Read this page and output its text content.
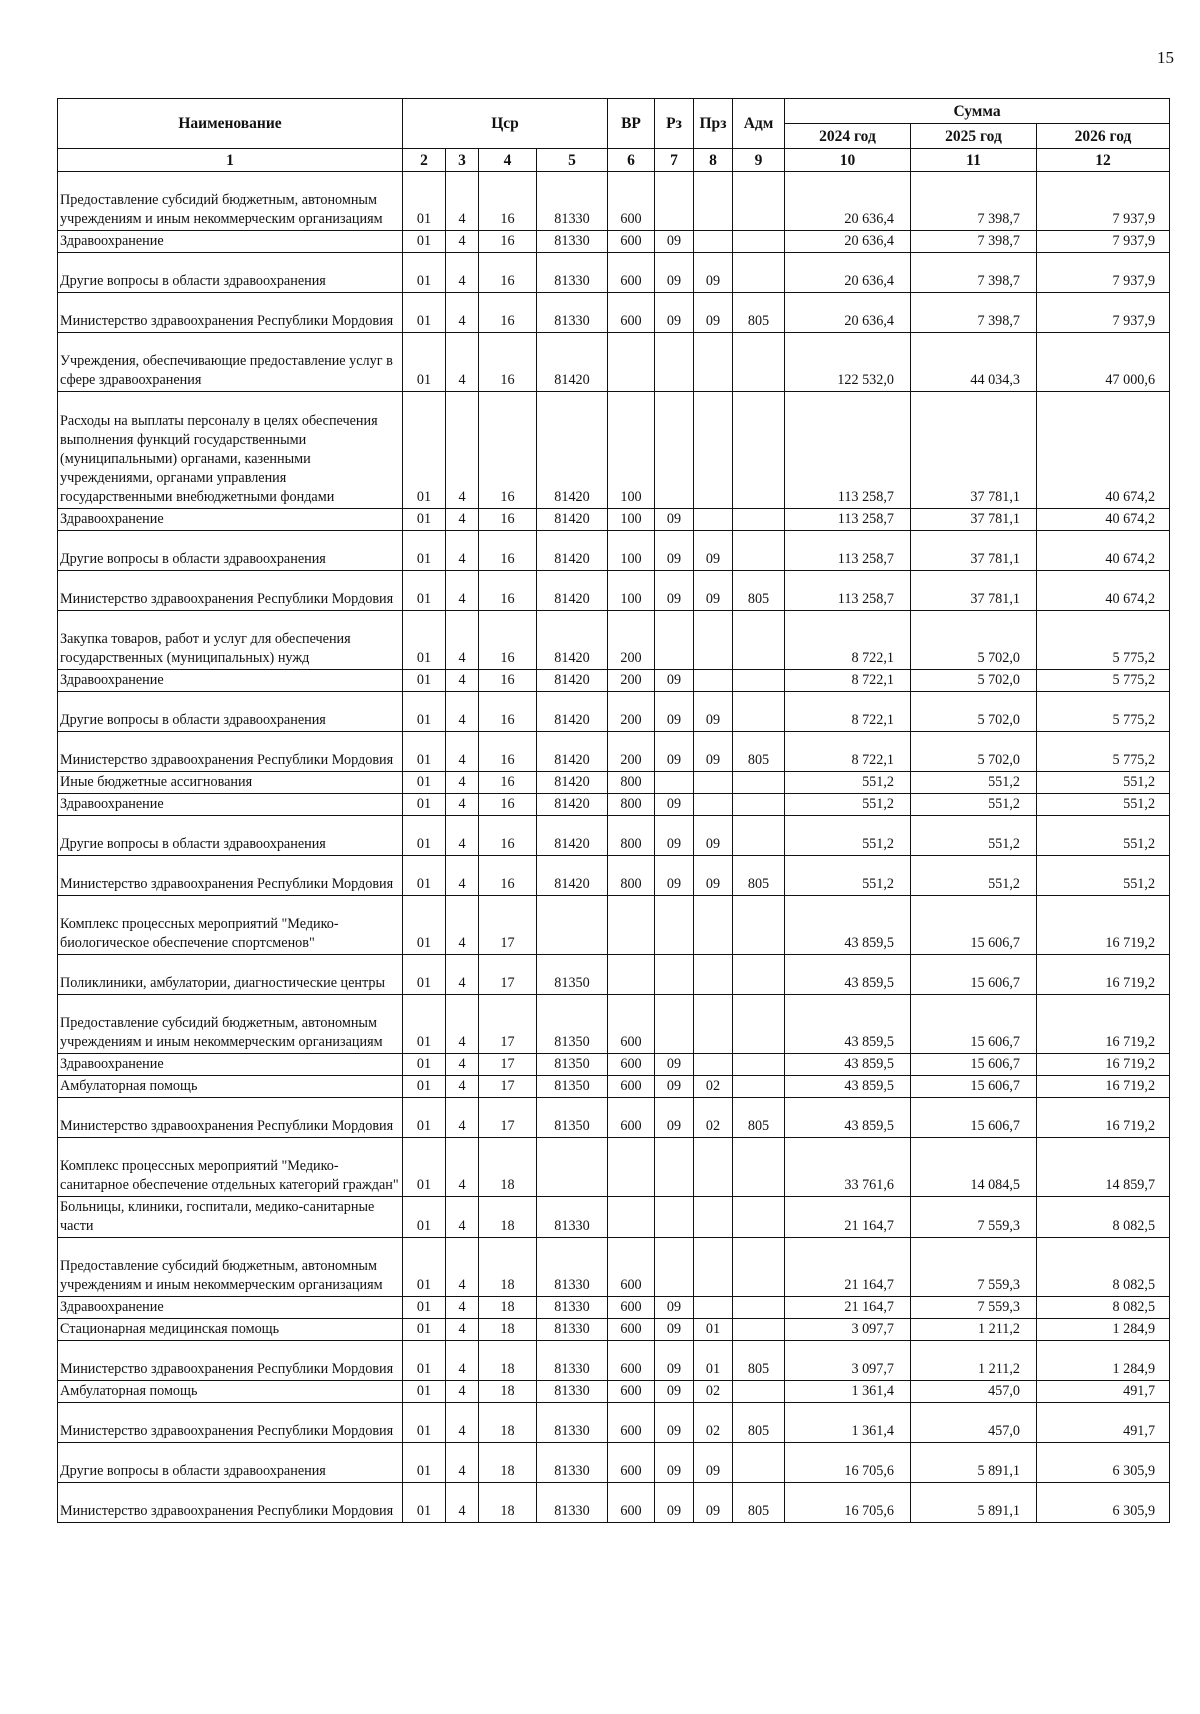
15
Наименование	Цср				ВР	Рз	Прз	Адм	Сумма		
									2024 год	2025 год	2026 год
1	2	3	4	5	6	7	8	9	10	11	12
Предоставление субсидий бюджетным, автономным учреждениям и иным некоммерческим организациям	01	4	16	81330	600				20 636,4	7 398,7	7 937,9
Здравоохранение	01	4	16	81330	600	09			20 636,4	7 398,7	7 937,9
Другие вопросы в области здравоохранения	01	4	16	81330	600	09	09		20 636,4	7 398,7	7 937,9
Министерство здравоохранения Республики Мордовия	01	4	16	81330	600	09	09	805	20 636,4	7 398,7	7 937,9
Учреждения, обеспечивающие предоставление услуг в сфере здравоохранения	01	4	16	81420					122 532,0	44 034,3	47 000,6
Расходы на выплаты персоналу в целях обеспечения выполнения функций государственными (муниципальными) органами, казенными учреждениями, органами управления государственными внебюджетными фондами	01	4	16	81420	100				113 258,7	37 781,1	40 674,2
Здравоохранение	01	4	16	81420	100	09			113 258,7	37 781,1	40 674,2
Другие вопросы в области здравоохранения	01	4	16	81420	100	09	09		113 258,7	37 781,1	40 674,2
Министерство здравоохранения Республики Мордовия	01	4	16	81420	100	09	09	805	113 258,7	37 781,1	40 674,2
Закупка товаров, работ и услуг для обеспечения государственных (муниципальных) нужд	01	4	16	81420	200				8 722,1	5 702,0	5 775,2
Здравоохранение	01	4	16	81420	200	09			8 722,1	5 702,0	5 775,2
Другие вопросы в области здравоохранения	01	4	16	81420	200	09	09		8 722,1	5 702,0	5 775,2
Министерство здравоохранения Республики Мордовия	01	4	16	81420	200	09	09	805	8 722,1	5 702,0	5 775,2
Иные бюджетные ассигнования	01	4	16	81420	800				551,2	551,2	551,2
Здравоохранение	01	4	16	81420	800	09			551,2	551,2	551,2
Другие вопросы в области здравоохранения	01	4	16	81420	800	09	09		551,2	551,2	551,2
Министерство здравоохранения Республики Мордовия	01	4	16	81420	800	09	09	805	551,2	551,2	551,2
Комплекс процессных мероприятий "Медико-биологическое обеспечение спортсменов"	01	4	17						43 859,5	15 606,7	16 719,2
Поликлиники, амбулатории, диагностические центры	01	4	17	81350					43 859,5	15 606,7	16 719,2
Предоставление субсидий бюджетным, автономным учреждениям и иным некоммерческим организациям	01	4	17	81350	600				43 859,5	15 606,7	16 719,2
Здравоохранение	01	4	17	81350	600	09			43 859,5	15 606,7	16 719,2
Амбулаторная помощь	01	4	17	81350	600	09	02		43 859,5	15 606,7	16 719,2
Министерство здравоохранения Республики Мордовия	01	4	17	81350	600	09	02	805	43 859,5	15 606,7	16 719,2
Комплекс процессных мероприятий "Медико-санитарное обеспечение отдельных категорий граждан"	01	4	18						33 761,6	14 084,5	14 859,7
Больницы, клиники, госпитали, медико-санитарные части	01	4	18	81330					21 164,7	7 559,3	8 082,5
Предоставление субсидий бюджетным, автономным учреждениям и иным некоммерческим организациям	01	4	18	81330	600				21 164,7	7 559,3	8 082,5
Здравоохранение	01	4	18	81330	600	09			21 164,7	7 559,3	8 082,5
Стационарная медицинская помощь	01	4	18	81330	600	09	01		3 097,7	1 211,2	1 284,9
Министерство здравоохранения Республики Мордовия	01	4	18	81330	600	09	01	805	3 097,7	1 211,2	1 284,9
Амбулаторная помощь	01	4	18	81330	600	09	02		1 361,4	457,0	491,7
Министерство здравоохранения Республики Мордовия	01	4	18	81330	600	09	02	805	1 361,4	457,0	491,7
Другие вопросы в области здравоохранения	01	4	18	81330	600	09	09		16 705,6	5 891,1	6 305,9
Министерство здравоохранения Республики Мордовия	01	4	18	81330	600	09	09	805	16 705,6	5 891,1	6 305,9
